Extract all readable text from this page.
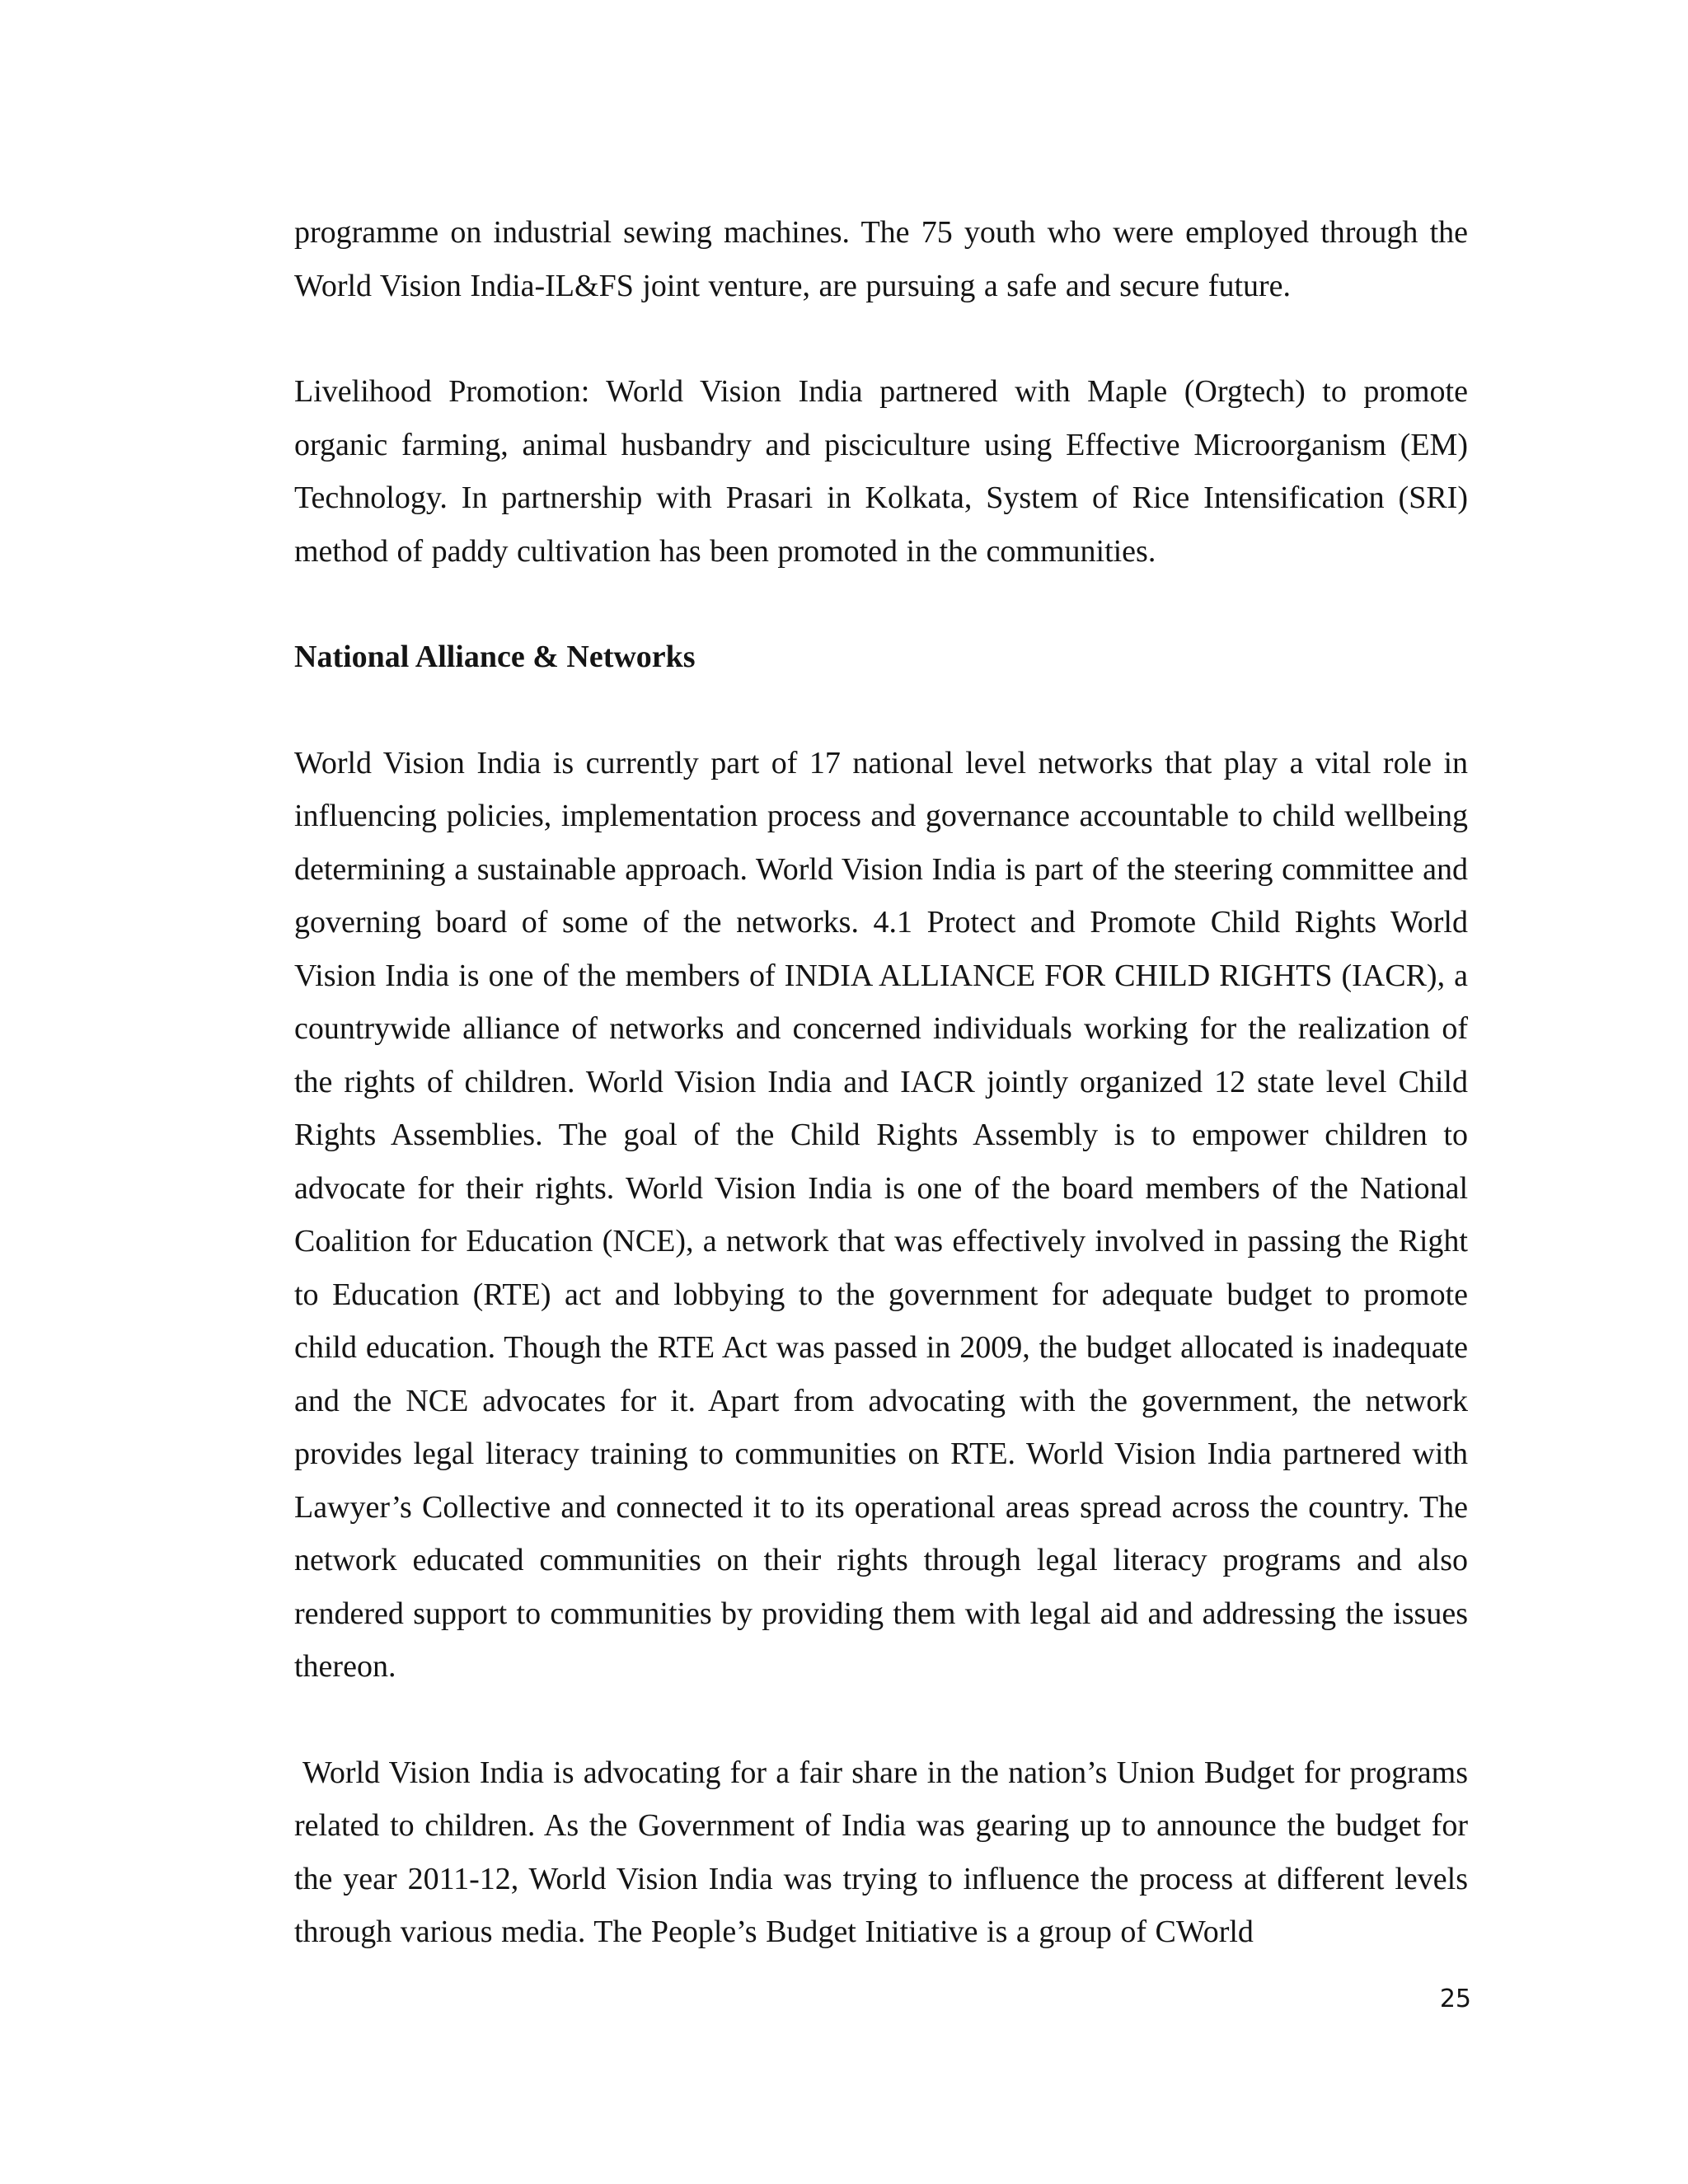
programme on industrial sewing machines. The 75 youth who were employed through the World Vision India-IL&FS joint venture, are pursuing a safe and secure future.

Livelihood Promotion: World Vision India partnered with Maple (Orgtech) to promote organic farming, animal husbandry and pisciculture using Effective Microorganism (EM) Technology. In partnership with Prasari in Kolkata, System of Rice Intensification (SRI) method of paddy cultivation has been promoted in the communities.

National Alliance & Networks

World Vision India is currently part of 17 national level networks that play a vital role in influencing policies, implementation process and governance accountable to child wellbeing determining a sustainable approach. World Vision India is part of the steering committee and governing board of some of the networks. 4.1 Protect and Promote Child Rights World Vision India is one of the members of INDIA ALLIANCE FOR CHILD RIGHTS (IACR), a countrywide alliance of networks and concerned individuals working for the realization of the rights of children. World Vision India and IACR jointly organized 12 state level Child Rights Assemblies. The goal of the Child Rights Assembly is to empower children to advocate for their rights. World Vision India is one of the board members of the National Coalition for Education (NCE), a network that was effectively involved in passing the Right to Education (RTE) act and lobbying to the government for adequate budget to promote child education. Though the RTE Act was passed in 2009, the budget allocated is inadequate and the NCE advocates for it. Apart from advocating with the government, the network provides legal literacy training to communities on RTE. World Vision India partnered with Lawyer’s Collective and connected it to its operational areas spread across the country. The network educated communities on their rights through legal literacy programs and also rendered support to communities by providing them with legal aid and addressing the issues thereon.

World Vision India is advocating for a fair share in the nation’s Union Budget for programs related to children. As the Government of India was gearing up to announce the budget for the year 2011-12, World Vision India was trying to influence the process at different levels through various media. The People’s Budget Initiative is a group of CWorld

25
